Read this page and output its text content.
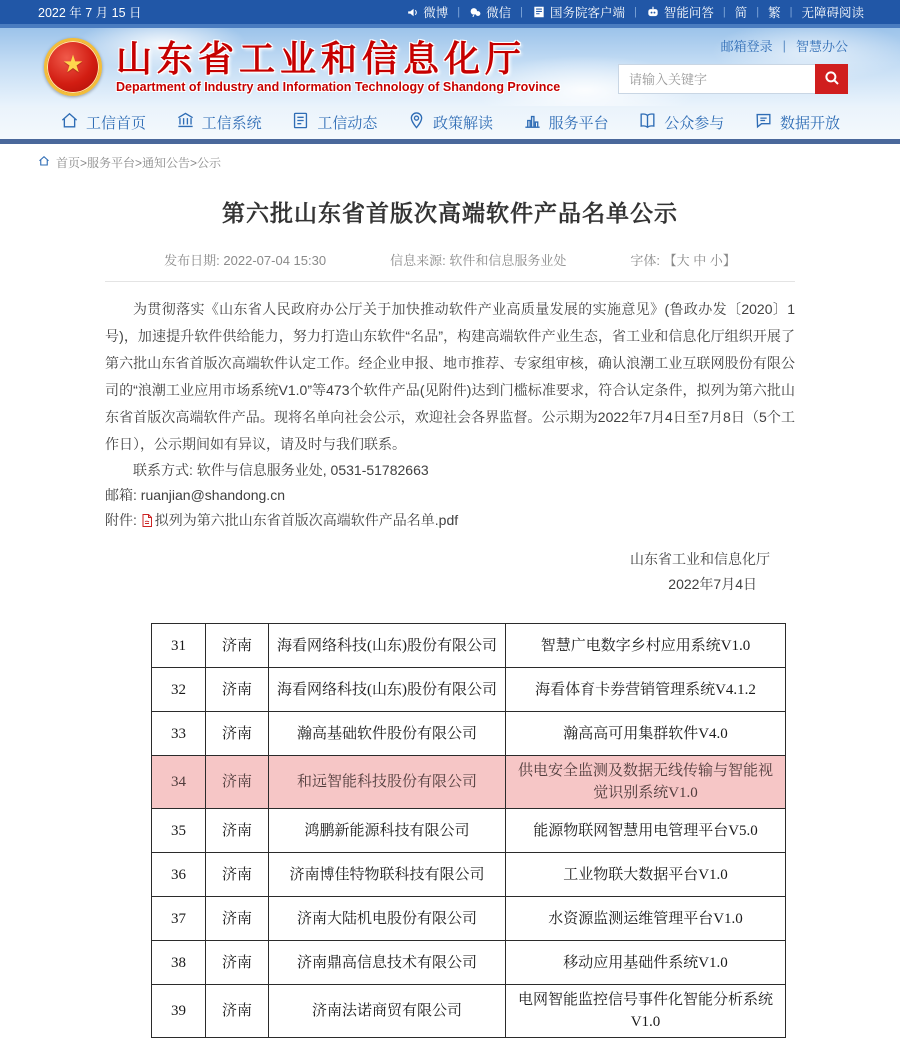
2022 年 7 月 15 日	微博 | 微信 | 国务院客户端 | 智能问答 | 简 | 繁 | 无障碍阅读
★ 山东省工业和信息化厅
Department of Industry and Information Technology of Shandong Province
邮箱登录 | 智慧办公
请输入关键字
工信首页	工信系统	工信动态	政策解读	服务平台	公众参与	数据开放
首页>服务平台>通知公告>公示
第六批山东省首版次高端软件产品名单公示
发布日期: 2022-07-04 15:30	信息来源: 软件和信息服务业处	字体: 【大 中 小】

为贯彻落实《山东省人民政府办公厅关于加快推动软件产业高质量发展的实施意见》(鲁政办发〔2020〕1号)，加速提升软件供给能力，努力打造山东软件“名品”，构建高端软件产业生态，省工业和信息化厅组织开展了第六批山东省首版次高端软件认定工作。经企业申报、地市推荐、专家组审核，确认浪潮工业互联网股份有限公司的“浪潮工业应用市场系统V1.0”等473个软件产品(见附件)达到门槛标准要求，符合认定条件，拟列为第六批山东省首版次高端软件产品。现将名单向社会公示，欢迎社会各界监督。公示期为2022年7月4日至7月8日（5个工作日），公示期间如有异议，请及时与我们联系。

联系方式: 软件与信息服务业处, 0531-51782663

邮箱: ruanjian@shandong.cn

附件: 拟列为第六批山东省首版次高端软件产品名单.pdf

山东省工业和信息化厅
2022年7月4日
31	济南	海看网络科技(山东)股份有限公司	智慧广电数字乡村应用系统V1.0
32	济南	海看网络科技(山东)股份有限公司	海看体育卡券营销管理系统V4.1.2
33	济南	瀚高基础软件股份有限公司	瀚高高可用集群软件V4.0
34	济南	和远智能科技股份有限公司	供电安全监测及数据无线传输与智能视觉识别系统V1.0
35	济南	鸿鹏新能源科技有限公司	能源物联网智慧用电管理平台V5.0
36	济南	济南博佳特物联科技有限公司	工业物联大数据平台V1.0
37	济南	济南大陆机电股份有限公司	水资源监测运维管理平台V1.0
38	济南	济南鼎高信息技术有限公司	移动应用基础件系统V1.0
39	济南	济南法诺商贸有限公司	电网智能监控信号事件化智能分析系统V1.0
